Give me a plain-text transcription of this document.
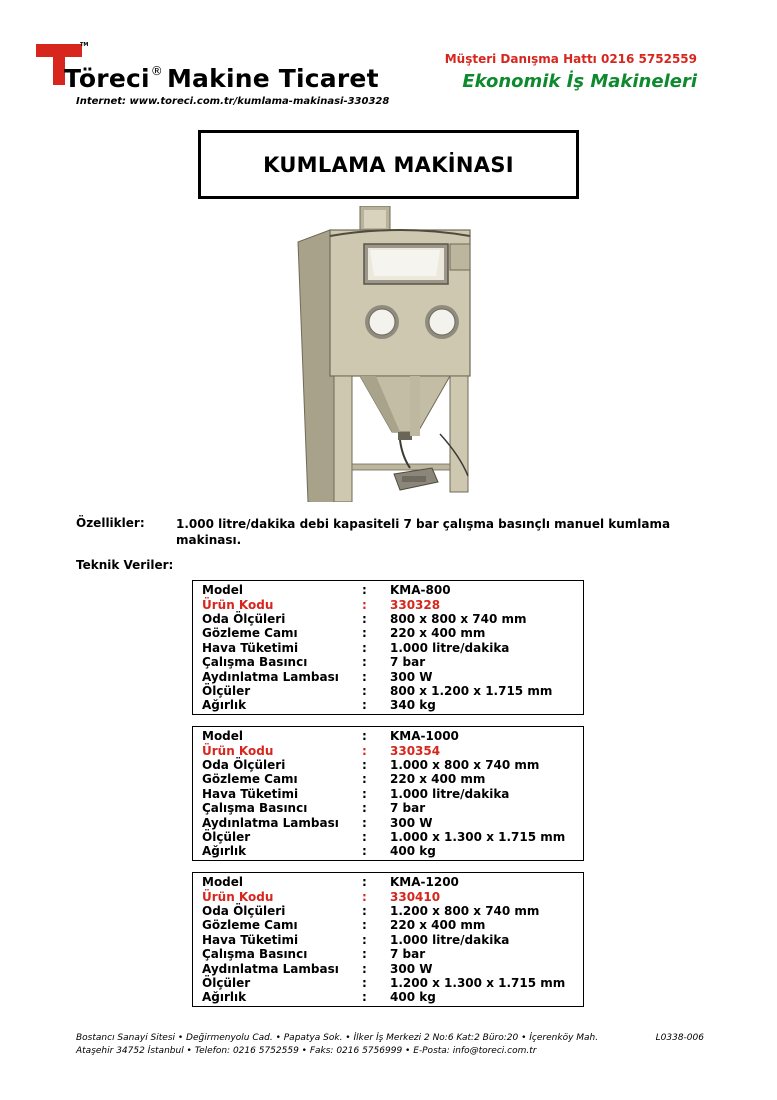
TM
Töreci® Makine Ticaret
Internet: www.toreci.com.tr/kumlama-makinasi-330328
Müşteri Danışma Hattı 0216 5752559
Ekonomik İş Makineleri
KUMLAMA MAKİNASI
Özellikler:	1.000 litre/dakika debi kapasiteli 7 bar çalışma basınçlı manuel kumlama makinası.
Teknik Veriler:
Model	:	KMA-800
Ürün Kodu	:	330328
Oda Ölçüleri	:	800 x 800 x 740 mm
Gözleme Camı	:	220 x 400 mm
Hava Tüketimi	:	1.000 litre/dakika
Çalışma Basıncı	:	7 bar
Aydınlatma Lambası	:	300 W
Ölçüler	:	800 x 1.200 x 1.715 mm
Ağırlık	:	340 kg
Model	:	KMA-1000
Ürün Kodu	:	330354
Oda Ölçüleri	:	1.000 x 800 x 740 mm
Gözleme Camı	:	220 x 400 mm
Hava Tüketimi	:	1.000 litre/dakika
Çalışma Basıncı	:	7 bar
Aydınlatma Lambası	:	300 W
Ölçüler	:	1.000 x 1.300 x 1.715 mm
Ağırlık	:	400 kg
Model	:	KMA-1200
Ürün Kodu	:	330410
Oda Ölçüleri	:	1.200 x 800 x 740 mm
Gözleme Camı	:	220 x 400 mm
Hava Tüketimi	:	1.000 litre/dakika
Çalışma Basıncı	:	7 bar
Aydınlatma Lambası	:	300 W
Ölçüler	:	1.200 x 1.300 x 1.715 mm
Ağırlık	:	400 kg
Bostancı Sanayi Sitesi • Değirmenyolu Cad. • Papatya Sok. • İlker İş Merkezi 2 No:6 Kat:2 Büro:20 • İçerenköy Mah.
Ataşehir 34752 İstanbul • Telefon: 0216 5752559 • Faks: 0216 5756999 • E-Posta: info@toreci.com.tr
L0338-006
